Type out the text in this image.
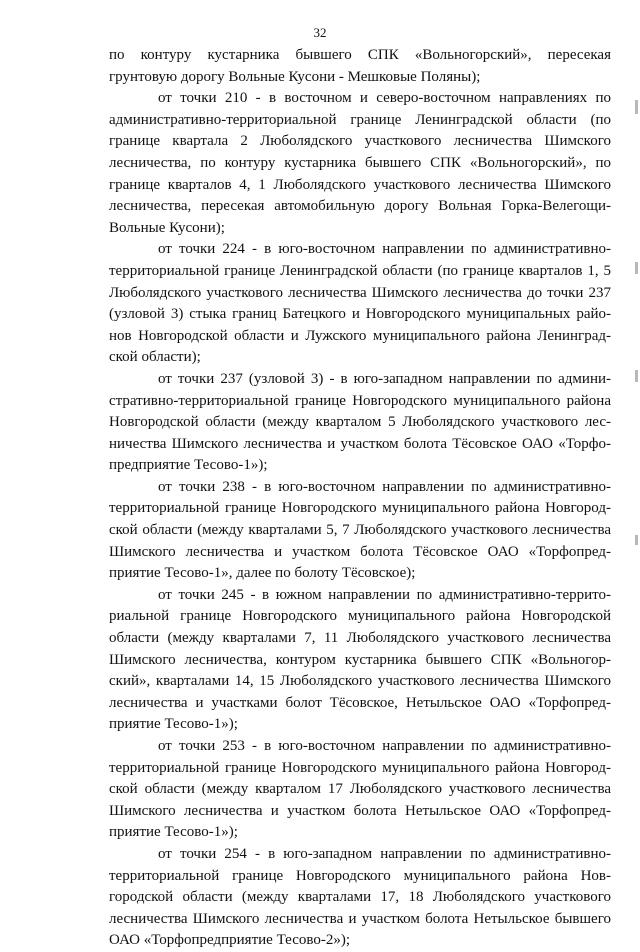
32
по контуру кустарника бывшего СПК «Вольногорский», пересекая
грунтовую дорогу Вольные Кусони - Мешковые Поляны);
от точки 210 - в восточном и северо-восточном направлениях по
административно-территориальной границе Ленинградской области (по
границе квартала 2 Люболядского участкового лесничества Шимского
лесничества, по контуру кустарника бывшего СПК «Вольногорский», по
границе кварталов 4, 1 Люболядского участкового лесничества Шимского
лесничества, пересекая автомобильную дорогу Вольная Горка-Велегощи-
Вольные Кусони);
от точки 224 - в юго-восточном направлении по административно-
территориальной границе Ленинградской области (по границе кварталов 1, 5
Люболядского участкового лесничества Шимского лесничества до точки 237
(узловой 3) стыка границ Батецкого и Новгородского муниципальных райо-
нов Новгородской области и Лужского муниципального района Ленинград-
ской области);
от точки 237 (узловой 3) - в юго-западном направлении по админи-
стративно-территориальной границе Новгородского муниципального района
Новгородской области (между кварталом 5 Люболядского участкового лес-
ничества Шимского лесничества и участком болота Тёсовское ОАО «Торфо-
предприятие Тесово-1»);
от точки 238 - в юго-восточном направлении по административно-
территориальной границе Новгородского муниципального района Новгород-
ской области (между кварталами 5, 7 Люболядского участкового лесничества
Шимского лесничества и участком болота Тёсовское ОАО «Торфопред-
приятие Тесово-1», далее по болоту Тёсовское);
от точки 245 - в южном направлении по административно-террито-
риальной границе Новгородского муниципального района Новгородской
области (между кварталами 7, 11 Люболядского участкового лесничества
Шимского лесничества, контуром кустарника бывшего СПК «Вольногор-
ский», кварталами 14, 15 Люболядского участкового лесничества Шимского
лесничества и участками болот Тёсовское, Нетыльское ОАО «Торфопред-
приятие Тесово-1»);
от точки 253 - в юго-восточном направлении по административно-
территориальной границе Новгородского муниципального района Новгород-
ской области (между кварталом 17 Люболядского участкового лесничества
Шимского лесничества и участком болота Нетыльское ОАО «Торфопред-
приятие Тесово-1»);
от точки 254 - в юго-западном направлении по административно-
территориальной границе Новгородского муниципального района Нов-
городской области (между кварталами 17, 18 Люболядского участкового
лесничества Шимского лесничества и участком болота Нетыльское бывшего
ОАО «Торфопредприятие Тесово-2»);
